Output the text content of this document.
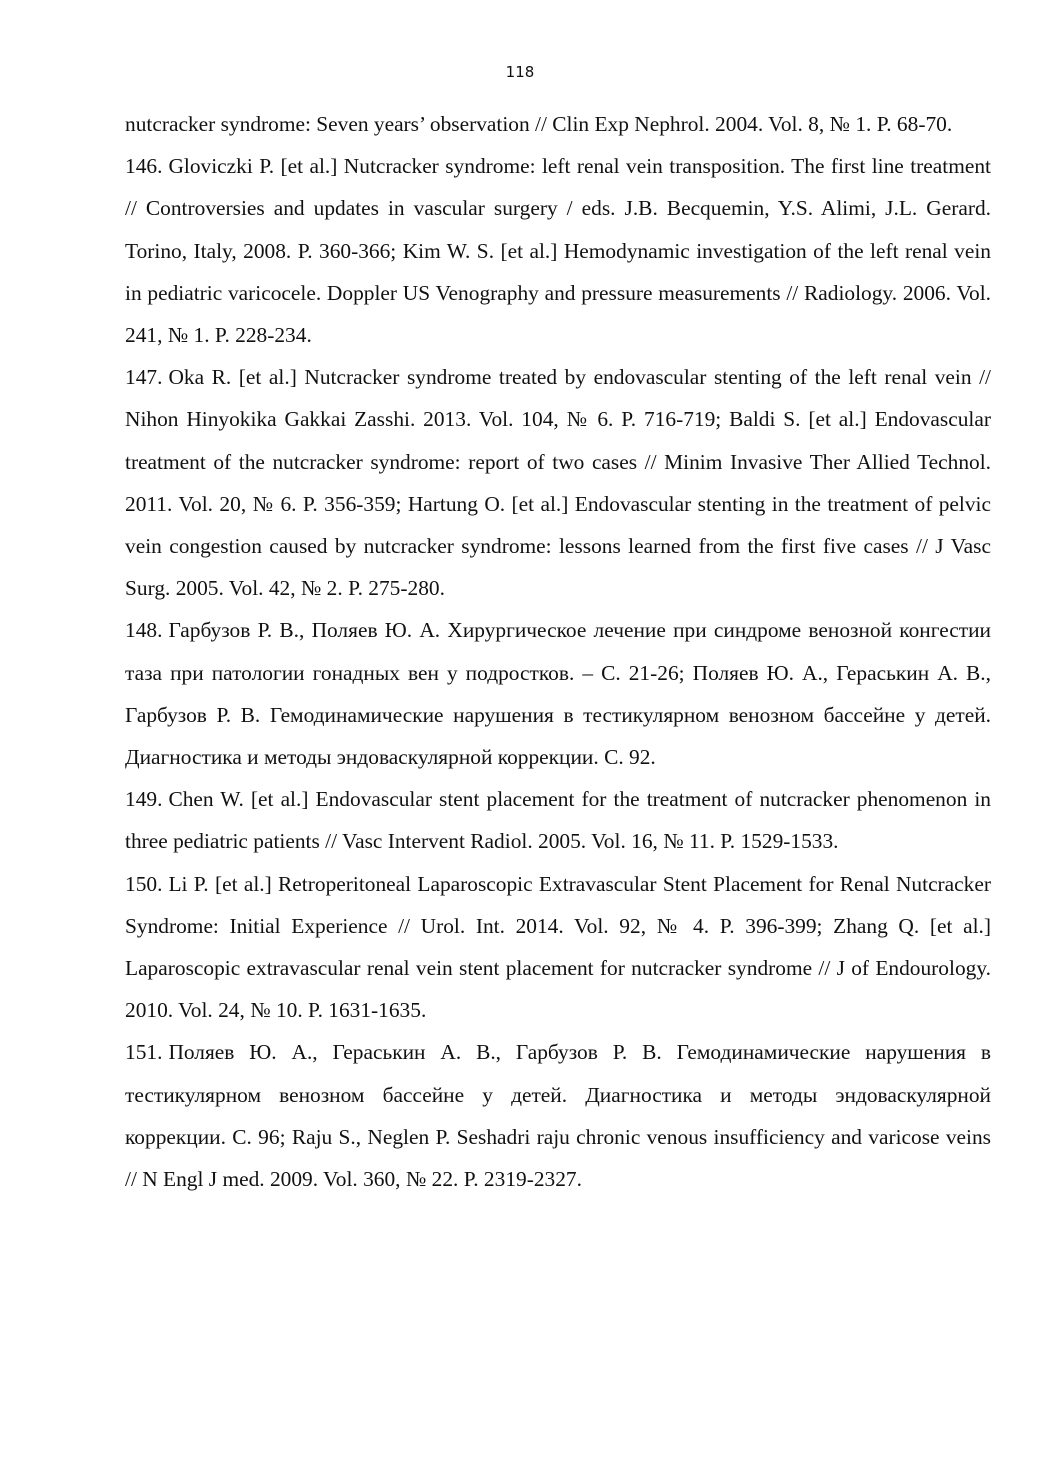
118

nutcracker syndrome: Seven years’ observation // Clin Exp Nephrol. 2004. Vol. 8, № 1. P. 68-70.

146. Gloviczki P. [et al.] Nutcracker syndrome: left renal vein transposition. The first line treatment // Controversies and updates in vascular surgery / eds. J.B. Becquemin, Y.S. Alimi, J.L. Gerard. Torino, Italy, 2008. P. 360-366; Kim W. S. [et al.] Hemodynamic investigation of the left renal vein in pediatric varicocele. Doppler US Venography and pressure measurements // Radiology. 2006. Vol. 241, № 1. P. 228-234.

147. Oka R. [et al.] Nutcracker syndrome treated by endovascular stenting of the left renal vein // Nihon Hinyokika Gakkai Zasshi. 2013. Vol. 104, № 6. P. 716-719; Baldi S. [et al.] Endovascular treatment of the nutcracker syndrome: report of two cases // Minim Invasive Ther Allied Technol. 2011. Vol. 20, № 6. P. 356-359; Hartung O. [et al.] Endovascular stenting in the treatment of pelvic vein congestion caused by nutcracker syndrome: lessons learned from the first five cases // J Vasc Surg. 2005. Vol. 42, № 2. P. 275-280.

148. Гарбузов Р. В., Поляев Ю. А. Хирургическое лечение при синдроме венозной конгестии таза при патологии гонадных вен у подростков. – С. 21-26; Поляев Ю. А., Гераськин А. В., Гарбузов Р. В. Гемодинамические нарушения в тестикулярном венозном бассейне у детей. Диагностика и методы эндоваскулярной коррекции. С. 92.

149. Chen W. [et al.] Endovascular stent placement for the treatment of nutcracker phenomenon in three pediatric patients // Vasc Intervent Radiol. 2005. Vol. 16, № 11. P. 1529-1533.

150. Li P. [et al.] Retroperitoneal Laparoscopic Extravascular Stent Placement for Renal Nutcracker Syndrome: Initial Experience // Urol. Int. 2014. Vol. 92, № 4. P. 396-399; Zhang Q. [et al.] Laparoscopic extravascular renal vein stent placement for nutcracker syndrome // J of Endourology. 2010. Vol. 24, № 10. P. 1631-1635.

151. Поляев Ю. А., Гераськин А. В., Гарбузов Р. В. Гемодинамические нарушения в тестикулярном венозном бассейне у детей. Диагностика и методы эндоваскулярной коррекции. С. 96; Raju S., Neglen P. Seshadri raju chronic venous insufficiency and varicose veins // N Engl J med. 2009. Vol. 360, № 22. P. 2319-2327.
